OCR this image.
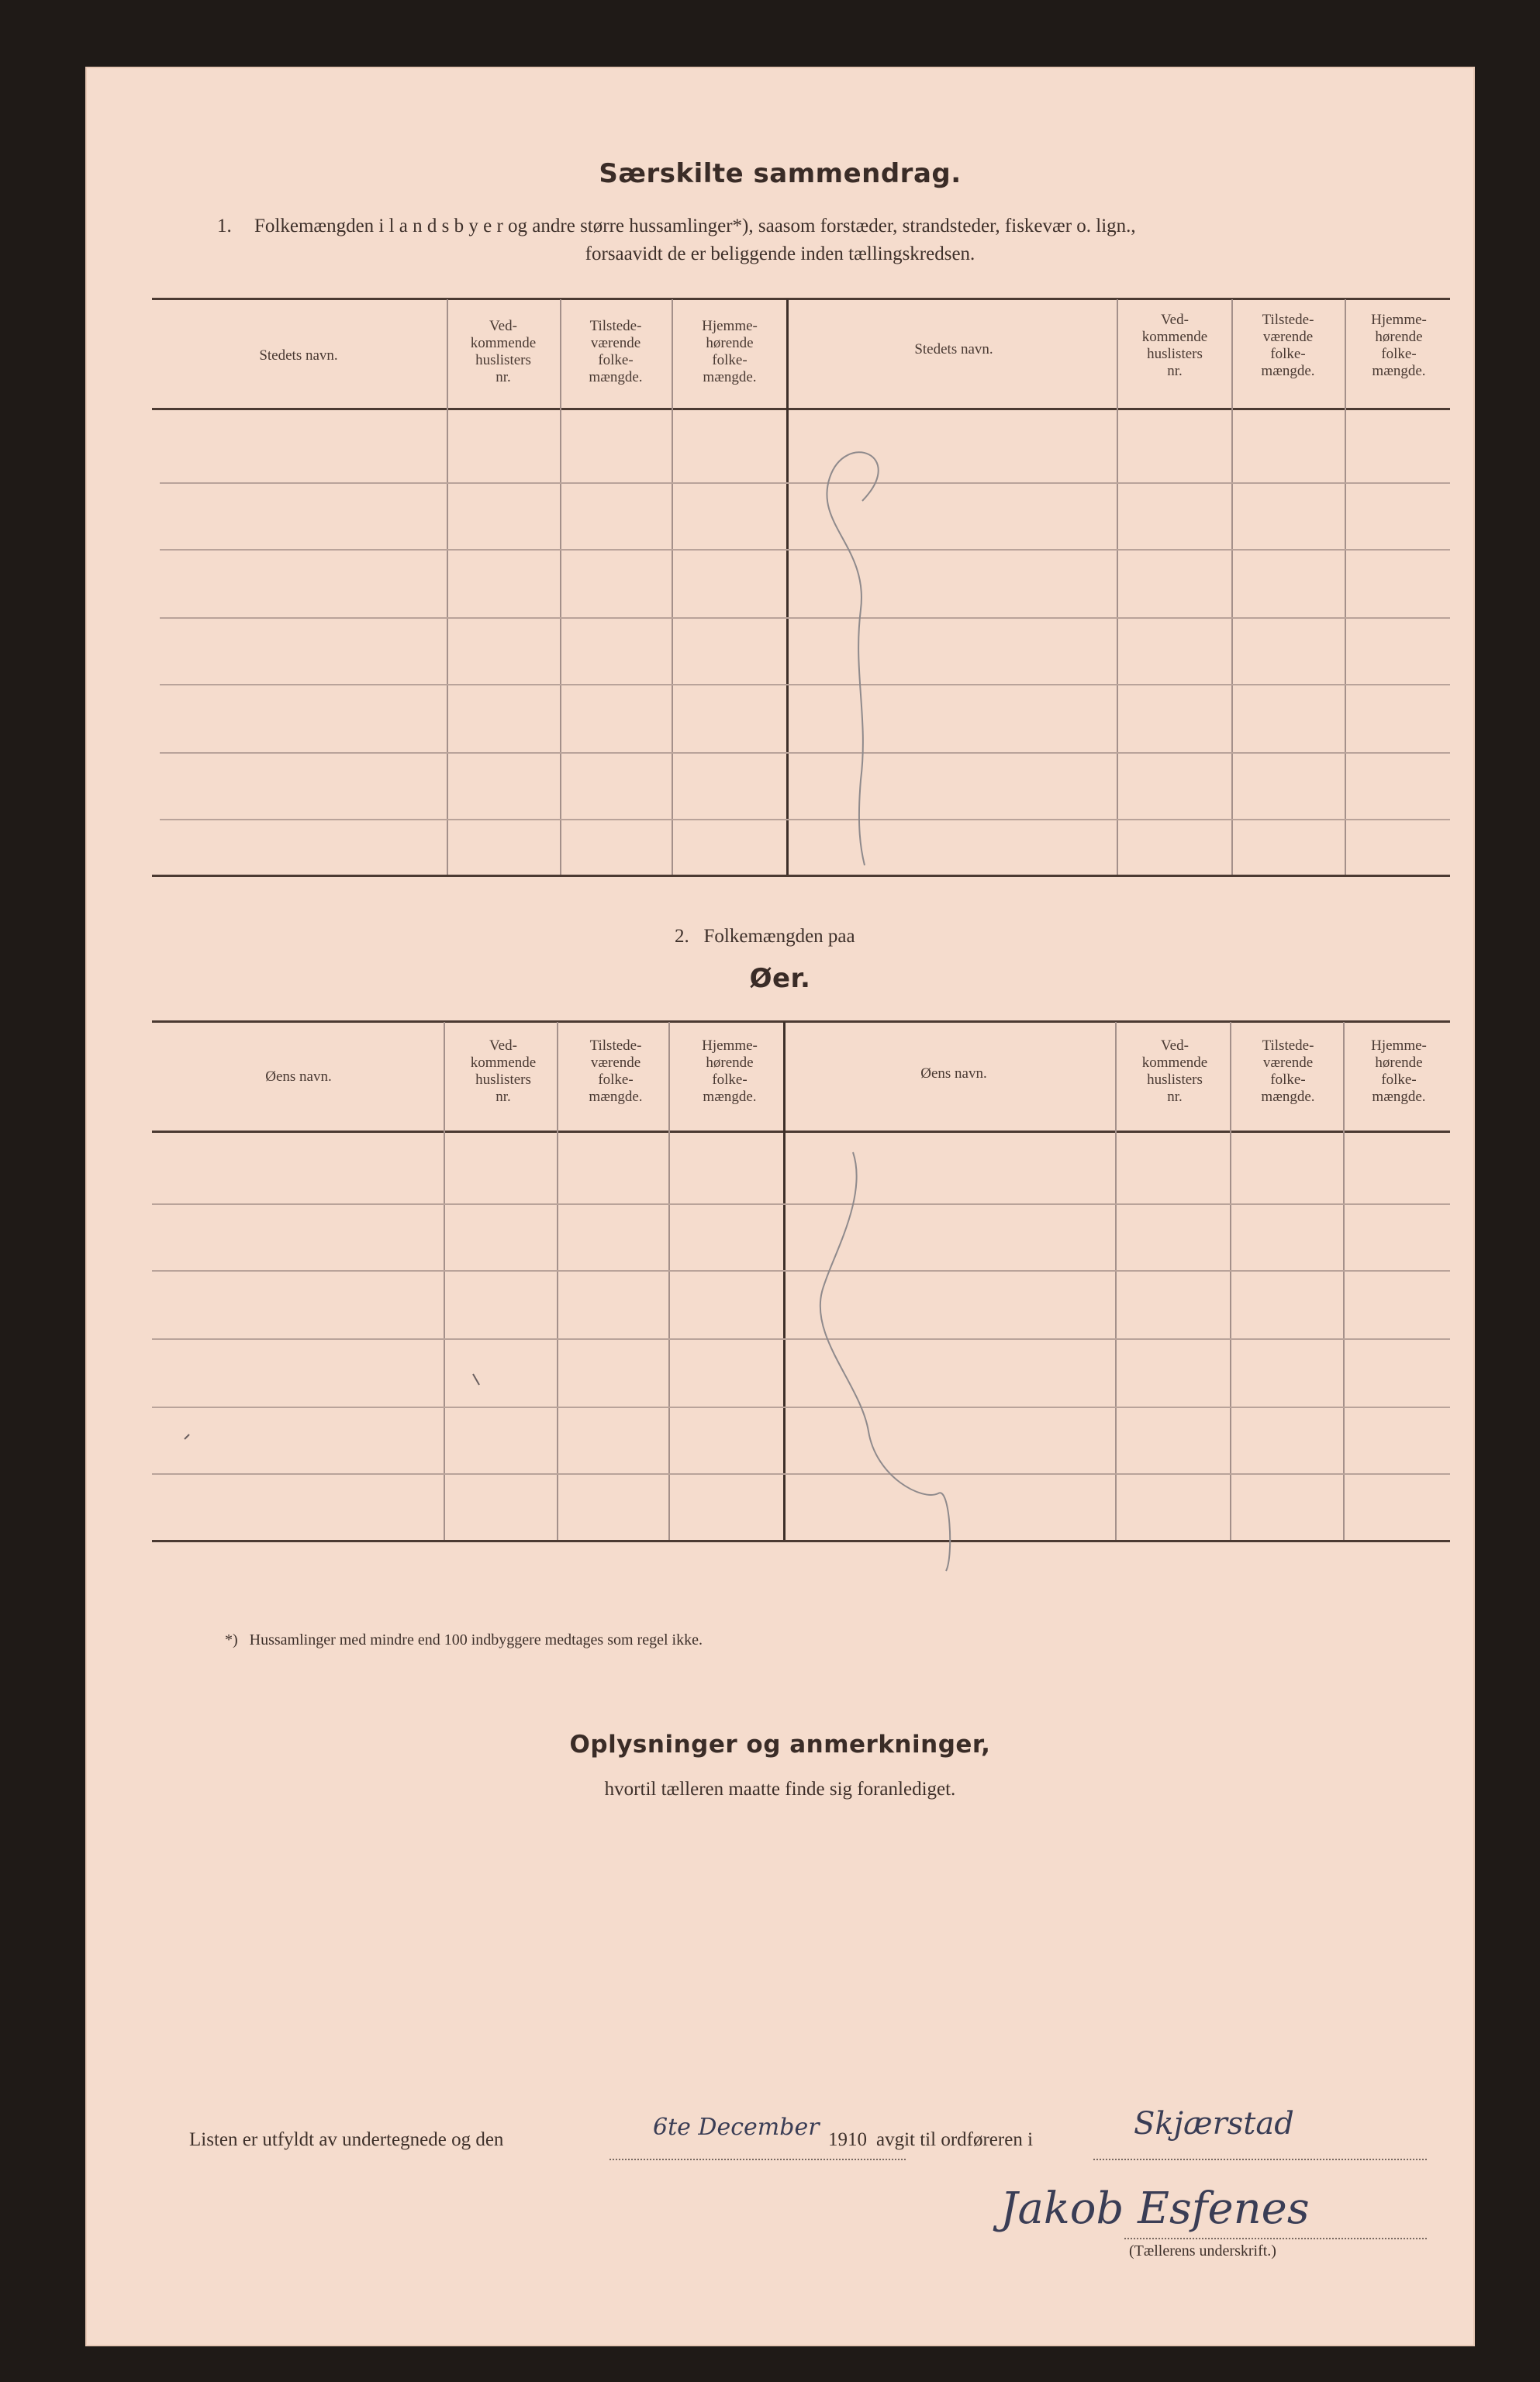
Særskilte sammendrag.
1. Folkemængden i l a n d s b y e r og andre større hussamlinger*), saasom forstæder, strandsteder, fiskevær o. lign.,
forsaavidt de er beliggende inden tællingskredsen.
Stedets navn.
Ved-
kommende
huslisters
nr.
Tilstede-
værende
folke-
mængde.
Hjemme-
hørende
folke-
mængde.
Stedets navn.
Ved-
kommende
huslisters
nr.
Tilstede-
værende
folke-
mængde.
Hjemme-
hørende
folke-
mængde.
2.   Folkemængden paa
Øer.
Øens navn.
Ved-
kommende
huslisters
nr.
Tilstede-
værende
folke-
mængde.
Hjemme-
hørende
folke-
mængde.
Øens navn.
Ved-
kommende
huslisters
nr.
Tilstede-
værende
folke-
mængde.
Hjemme-
hørende
folke-
mængde.
*)   Hussamlinger med mindre end 100 indbyggere medtages som regel ikke.
Oplysninger og anmerkninger,
hvortil tælleren maatte finde sig foranlediget.
Listen er utfyldt av undertegnede og den	6te December 1910 avgit til ordføreren i	Skjærstad
Jakob Esfenes
(Tællerens underskrift.)
